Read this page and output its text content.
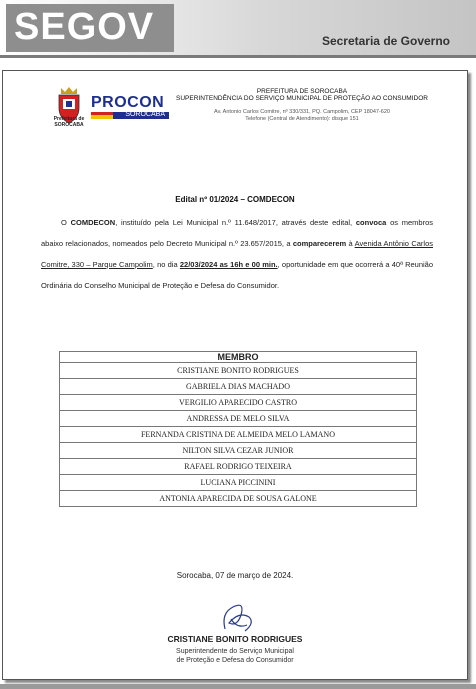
SEGOV	Secretaria de Governo
Prefeitura de SOROCABA
PROCON
SOROCABA
PREFEITURA DE SOROCABA
SUPERINTENDÊNCIA DO SERVIÇO MUNICIPAL DE PROTEÇÃO AO CONSUMIDOR
Av. Antonio Carlos Comitre, nº 330/331, PQ. Campolim, CEP 18047-620
Telefone (Central de Atendimento): disque 151
Edital nº 01/2024 – COMDECON
O COMDECON, instituído pela Lei Municipal n.º 11.648/2017, através deste edital, convoca os membros abaixo relacionados, nomeados pelo Decreto Municipal n.º 23.657/2015, a comparecerem à Avenida Antônio Carlos Comitre, 330 – Parque Campolim, no dia 22/03/2024 as 16h e 00 min., oportunidade em que ocorrerá a 40ª Reunião Ordinária do Conselho Municipal de Proteção e Defesa do Consumidor.
MEMBRO
CRISTIANE BONITO RODRIGUES
GABRIELA DIAS MACHADO
VERGILIO APARECIDO CASTRO
ANDRESSA DE MELO SILVA
FERNANDA CRISTINA DE ALMEIDA MELO LAMANO
NILTON SILVA CEZAR JUNIOR
RAFAEL RODRIGO TEIXEIRA
LUCIANA PICCININI
ANTONIA APARECIDA DE SOUSA GALONE
Sorocaba, 07 de março de 2024.
CRISTIANE BONITO RODRIGUES
Superintendente do Serviço Municipal
de Proteção e Defesa do Consumidor
